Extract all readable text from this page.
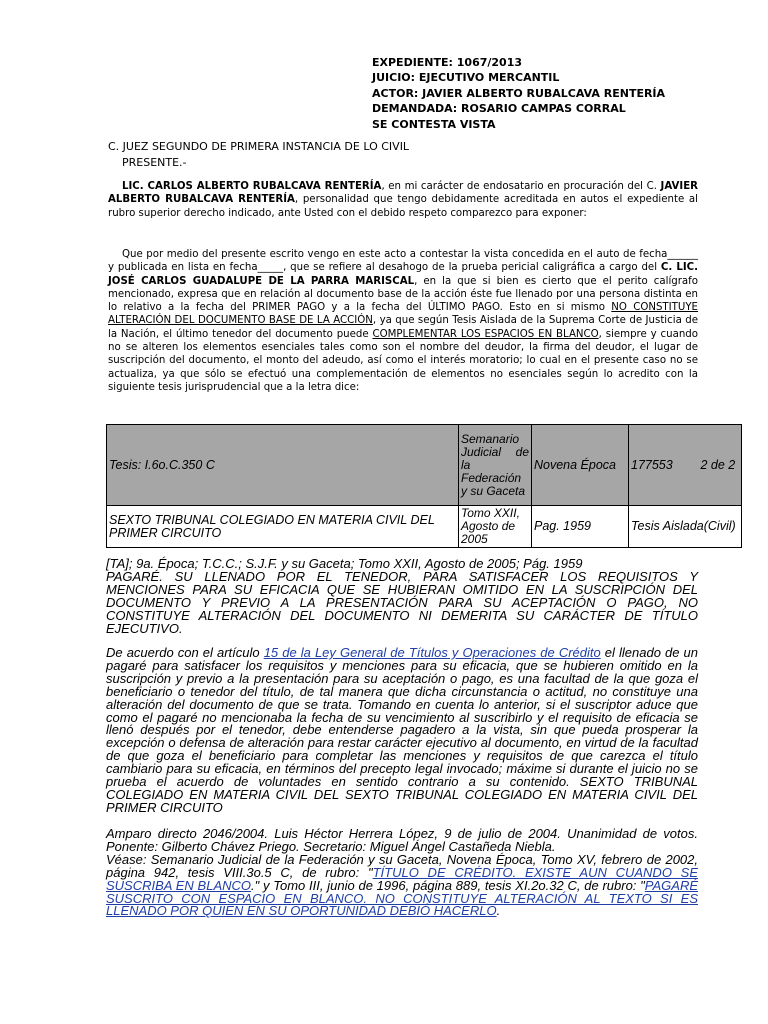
EXPEDIENTE: 1067/2013
JUICIO: EJECUTIVO MERCANTIL
ACTOR: JAVIER ALBERTO RUBALCAVA RENTERÍA
DEMANDADA: ROSARIO CAMPAS CORRAL
SE CONTESTA VISTA
C. JUEZ SEGUNDO DE PRIMERA INSTANCIA DE LO CIVIL
PRESENTE.-

LIC. CARLOS ALBERTO RUBALCAVA RENTERÍA, en mi carácter de endosatario en procuración del C. JAVIER ALBERTO RUBALCAVA RENTERÍA, personalidad que tengo debidamente acreditada en autos el expediente al rubro superior derecho indicado, ante Usted con el debido respeto comparezco para exponer:

Que por medio del presente escrito vengo en este acto a contestar la vista concedida en el auto de fecha______ y publicada en lista en fecha_____, que se refiere al desahogo de la prueba pericial caligráfica a cargo del C. LIC. JOSÉ CARLOS GUADALUPE DE LA PARRA MARISCAL, en la que si bien es cierto que el perito calígrafo mencionado, expresa que en relación al documento base de la acción éste fue llenado por una persona distinta en lo relativo a la fecha del PRIMER PAGO y a la fecha del ÚLTIMO PAGO. Esto en si mismo NO CONSTITUYE ALTERACIÓN DEL DOCUMENTO BASE DE LA ACCIÓN, ya que según Tesis Aislada de la Suprema Corte de Justicia de la Nación, el último tenedor del documento puede COMPLEMENTAR LOS ESPACIOS EN BLANCO, siempre y cuando no se alteren los elementos esenciales tales como son el nombre del deudor, la firma del deudor, el lugar de suscripción del documento, el monto del adeudo, así como el interés moratorio; lo cual en el presente caso no se actualiza, ya que sólo se efectuó una complementación de elementos no esenciales según lo acredito con la siguiente tesis jurisprudencial que a la letra dice:

Tesis: I.6o.C.350 C	Semanario Judicial de la Federación y su Gaceta	Novena Época	177553        2 de 2
SEXTO TRIBUNAL COLEGIADO EN MATERIA CIVIL DEL PRIMER CIRCUITO	Tomo XXII, Agosto de 2005	Pag. 1959	Tesis Aislada(Civil)

[TA]; 9a. Época; T.C.C.; S.J.F. y su Gaceta; Tomo XXII, Agosto de 2005; Pág. 1959

PAGARÉ. SU LLENADO POR EL TENEDOR, PARA SATISFACER LOS REQUISITOS Y MENCIONES PARA SU EFICACIA QUE SE HUBIERAN OMITIDO EN LA SUSCRIPCIÓN DEL DOCUMENTO Y PREVIO A LA PRESENTACIÓN PARA SU ACEPTACIÓN O PAGO, NO CONSTITUYE ALTERACIÓN DEL DOCUMENTO NI DEMERITA SU CARÁCTER DE TÍTULO EJECUTIVO.

De acuerdo con el artículo 15 de la Ley General de Títulos y Operaciones de Crédito el llenado de un pagaré para satisfacer los requisitos y menciones para su eficacia, que se hubieren omitido en la suscripción y previo a la presentación para su aceptación o pago, es una facultad de la que goza el beneficiario o tenedor del título, de tal manera que dicha circunstancia o actitud, no constituye una alteración del documento de que se trata. Tomando en cuenta lo anterior, si el suscriptor aduce que como el pagaré no mencionaba la fecha de su vencimiento al suscribirlo y el requisito de eficacia se llenó después por el tenedor, debe entenderse pagadero a la vista, sin que pueda prosperar la excepción o defensa de alteración para restar carácter ejecutivo al documento, en virtud de la facultad de que goza el beneficiario para completar las menciones y requisitos de que carezca el título cambiario para su eficacia, en términos del precepto legal invocado; máxime si durante el juicio no se prueba el acuerdo de voluntades en sentido contrario a su contenido. SEXTO TRIBUNAL COLEGIADO EN MATERIA CIVIL DEL SEXTO TRIBUNAL COLEGIADO EN MATERIA CIVIL DEL PRIMER CIRCUITO

Amparo directo 2046/2004. Luis Héctor Herrera López, 9 de julio de 2004. Unanimidad de votos. Ponente: Gilberto Chávez Priego. Secretario: Miguel Ángel Castañeda Niebla.
Véase: Semanario Judicial de la Federación y su Gaceta, Novena Época, Tomo XV, febrero de 2002, página 942, tesis VIII.3o.5 C, de rubro: "TÍTULO DE CRÉDITO. EXISTE AUN CUANDO SE SUSCRIBA EN BLANCO." y Tomo III, junio de 1996, página 889, tesis XI.2o.32 C, de rubro: "PAGARÉ SUSCRITO CON ESPACIO EN BLANCO. NO CONSTITUYE ALTERACIÓN AL TEXTO SI ES LLENADO POR QUIEN EN SU OPORTUNIDAD DEBIÓ HACERLO.
